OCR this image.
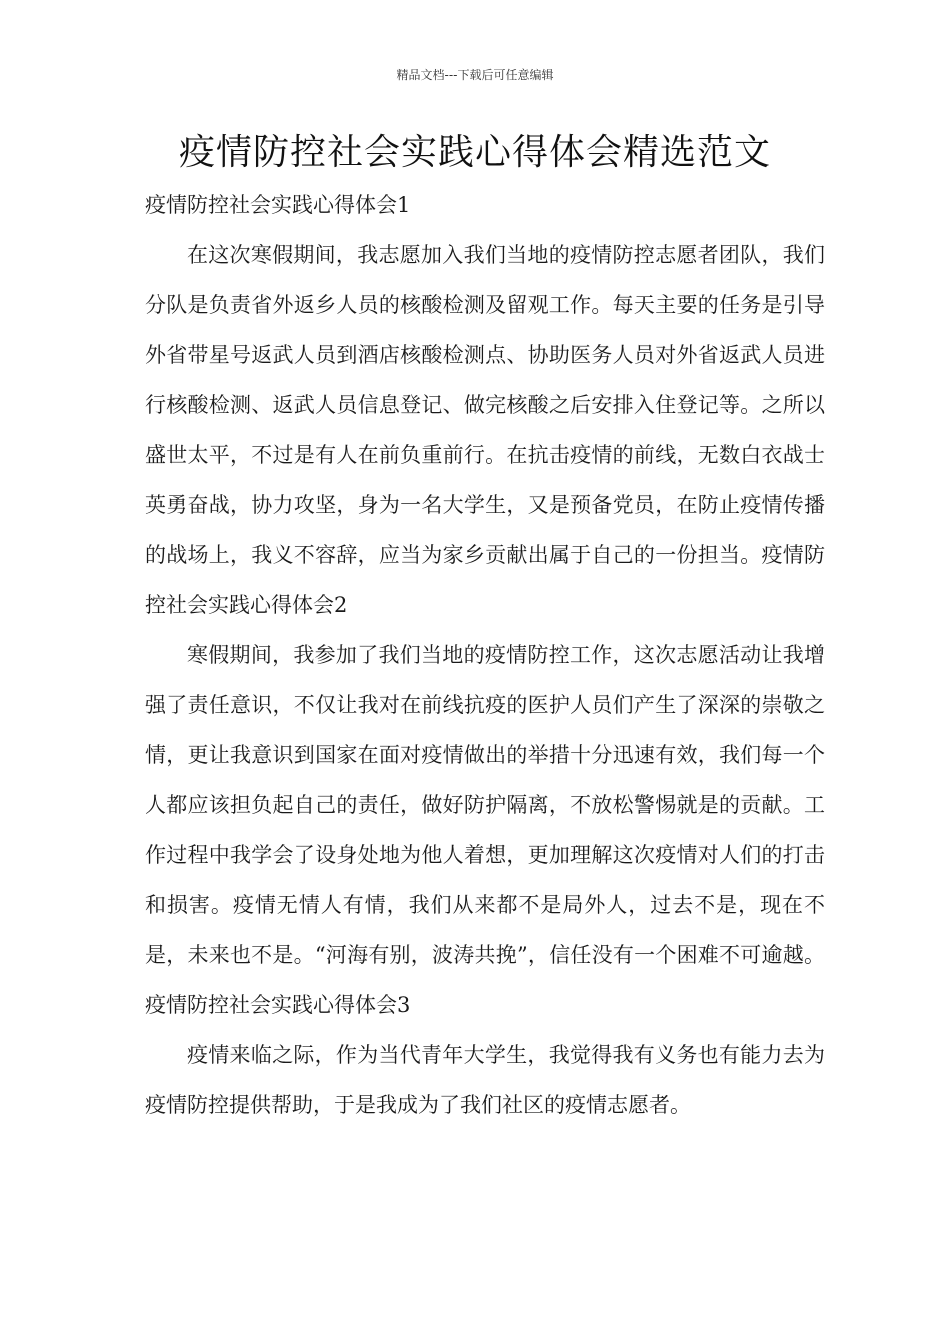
精品文档---下载后可任意编辑
疫情防控社会实践心得体会精选范文

疫情防控社会实践心得体会1

在这次寒假期间，我志愿加入我们当地的疫情防控志愿者团队，我们分队是负责省外返乡人员的核酸检测及留观工作。每天主要的任务是引导外省带星号返武人员到酒店核酸检测点、协助医务人员对外省返武人员进行核酸检测、返武人员信息登记、做完核酸之后安排入住登记等。之所以盛世太平，不过是有人在前负重前行。在抗击疫情的前线，无数白衣战士英勇奋战，协力攻坚，身为一名大学生，又是预备党员，在防止疫情传播的战场上，我义不容辞，应当为家乡贡献出属于自己的一份担当。疫情防控社会实践心得体会2

寒假期间，我参加了我们当地的疫情防控工作，这次志愿活动让我增强了责任意识，不仅让我对在前线抗疫的医护人员们产生了深深的崇敬之情，更让我意识到国家在面对疫情做出的举措十分迅速有效，我们每一个人都应该担负起自己的责任，做好防护隔离，不放松警惕就是的贡献。工作过程中我学会了设身处地为他人着想，更加理解这次疫情对人们的打击和损害。疫情无情人有情，我们从来都不是局外人，过去不是，现在不是，未来也不是。“河海有别，波涛共挽”，信任没有一个困难不可逾越。疫情防控社会实践心得体会3

疫情来临之际，作为当代青年大学生，我觉得我有义务也有能力去为疫情防控提供帮助，于是我成为了我们社区的疫情志愿者。
